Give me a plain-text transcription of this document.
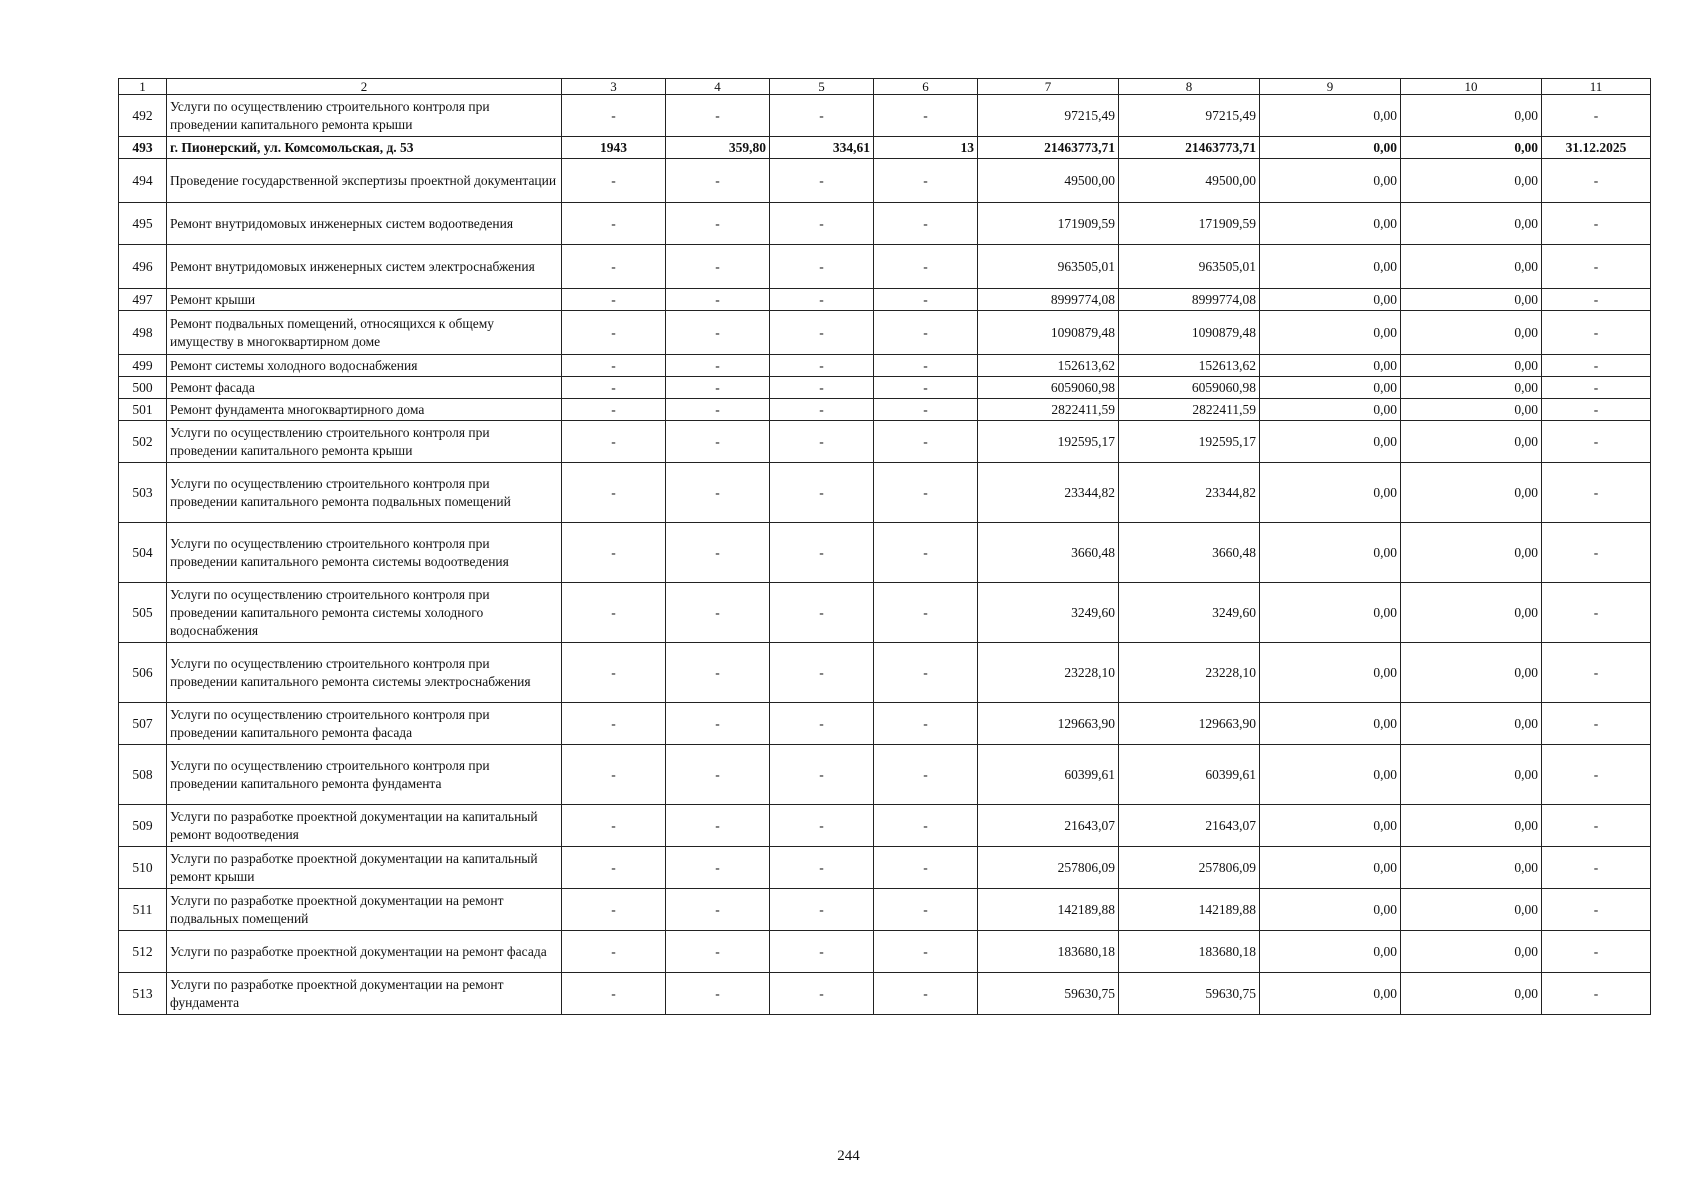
1	2	3	4	5	6	7	8	9	10	11
492	Услуги по осуществлению строительного контроля при проведении капитального ремонта крыши	-	-	-	-	97215,49	97215,49	0,00	0,00	-
493	г. Пионерский, ул. Комсомольская, д. 53	1943	359,80	334,61	13	21463773,71	21463773,71	0,00	0,00	31.12.2025
494	Проведение государственной экспертизы проектной документации	-	-	-	-	49500,00	49500,00	0,00	0,00	-
495	Ремонт внутридомовых инженерных систем водоотведения	-	-	-	-	171909,59	171909,59	0,00	0,00	-
496	Ремонт внутридомовых инженерных систем электроснабжения	-	-	-	-	963505,01	963505,01	0,00	0,00	-
497	Ремонт крыши	-	-	-	-	8999774,08	8999774,08	0,00	0,00	-
498	Ремонт подвальных помещений, относящихся к общему имуществу в многоквартирном доме	-	-	-	-	1090879,48	1090879,48	0,00	0,00	-
499	Ремонт системы холодного водоснабжения	-	-	-	-	152613,62	152613,62	0,00	0,00	-
500	Ремонт фасада	-	-	-	-	6059060,98	6059060,98	0,00	0,00	-
501	Ремонт фундамента многоквартирного дома	-	-	-	-	2822411,59	2822411,59	0,00	0,00	-
502	Услуги по осуществлению строительного контроля при проведении капитального ремонта крыши	-	-	-	-	192595,17	192595,17	0,00	0,00	-
503	Услуги по осуществлению строительного контроля при проведении капитального ремонта подвальных помещений	-	-	-	-	23344,82	23344,82	0,00	0,00	-
504	Услуги по осуществлению строительного контроля при проведении капитального ремонта системы водоотведения	-	-	-	-	3660,48	3660,48	0,00	0,00	-
505	Услуги по осуществлению строительного контроля при проведении капитального ремонта системы холодного водоснабжения	-	-	-	-	3249,60	3249,60	0,00	0,00	-
506	Услуги по осуществлению строительного контроля при проведении капитального ремонта системы электроснабжения	-	-	-	-	23228,10	23228,10	0,00	0,00	-
507	Услуги по осуществлению строительного контроля при проведении капитального ремонта фасада	-	-	-	-	129663,90	129663,90	0,00	0,00	-
508	Услуги по осуществлению строительного контроля при проведении капитального ремонта фундамента	-	-	-	-	60399,61	60399,61	0,00	0,00	-
509	Услуги по разработке проектной документации на капитальный ремонт водоотведения	-	-	-	-	21643,07	21643,07	0,00	0,00	-
510	Услуги по разработке проектной документации на капитальный ремонт крыши	-	-	-	-	257806,09	257806,09	0,00	0,00	-
511	Услуги по разработке проектной документации на ремонт подвальных помещений	-	-	-	-	142189,88	142189,88	0,00	0,00	-
512	Услуги по разработке проектной документации на ремонт фасада	-	-	-	-	183680,18	183680,18	0,00	0,00	-
513	Услуги по разработке проектной документации на ремонт фундамента	-	-	-	-	59630,75	59630,75	0,00	0,00	-
244
